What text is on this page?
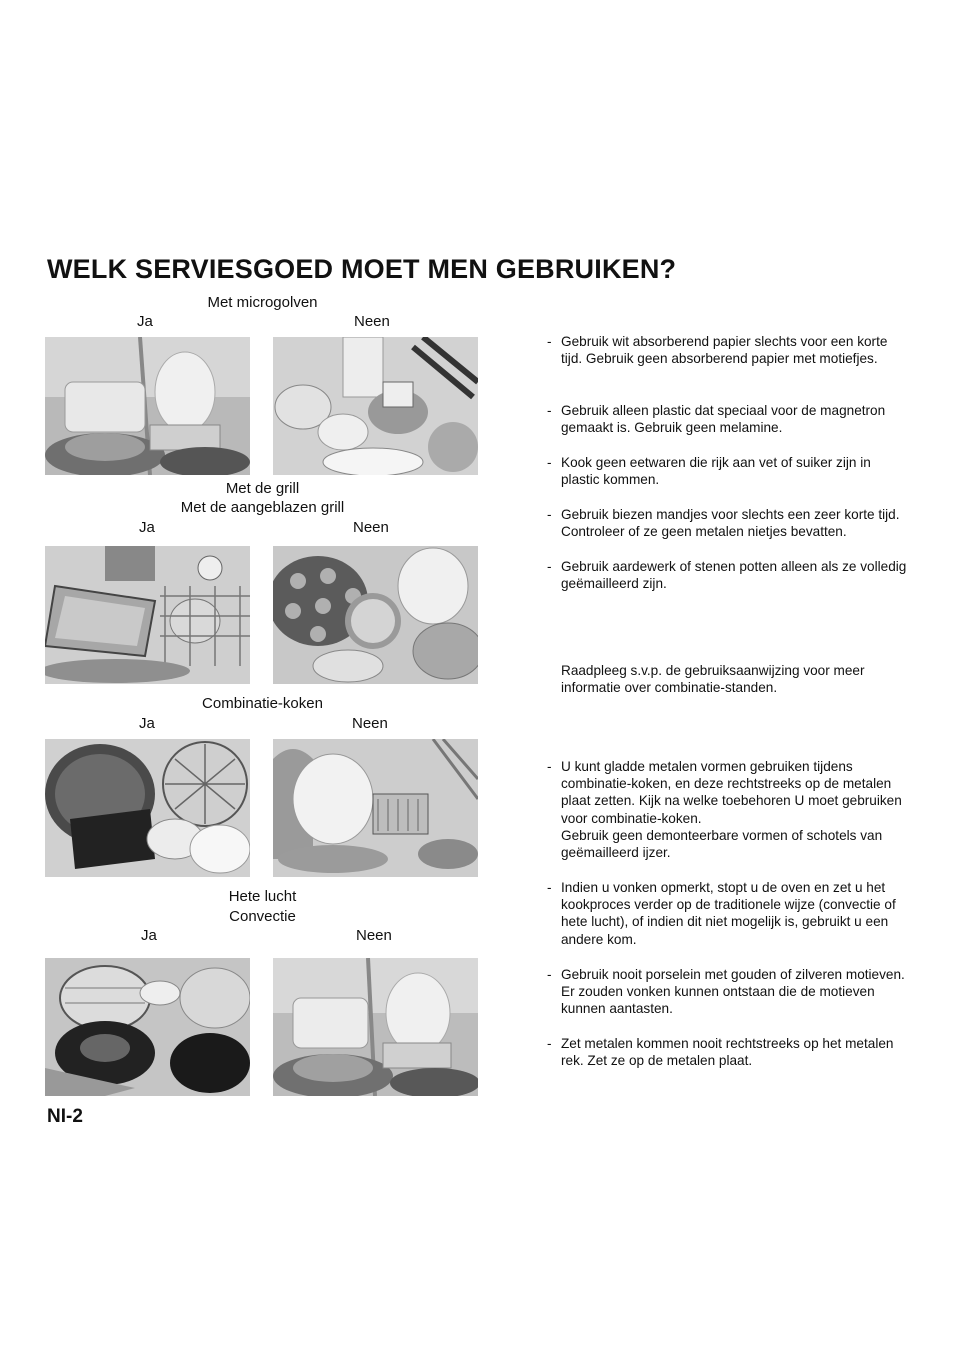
WELK SERVIESGOED MOET MEN GEBRUIKEN?
Met microgolven
Ja	Neen
Met de grill
Met de aangeblazen grill
Ja	Neen
Combinatie-koken
Ja	Neen
Hete lucht
Convectie
Ja	Neen
- Gebruik wit absorberend papier slechts voor een korte tijd. Gebruik geen absorberend papier met motiefjes.
- Gebruik alleen plastic dat speciaal voor de magnetron gemaakt is. Gebruik geen melamine.
- Kook geen eetwaren die rijk aan vet of suiker zijn in plastic kommen.
- Gebruik biezen mandjes voor slechts een zeer korte tijd. Controleer of ze geen metalen nietjes bevatten.
- Gebruik aardewerk of stenen potten alleen als ze volledig geëmailleerd zijn.
Raadpleeg s.v.p. de gebruiksaanwijzing voor meer informatie over combinatie-standen.
- U kunt gladde metalen vormen gebruiken tijdens combinatie-koken, en deze rechtstreeks op de metalen plaat zetten. Kijk na welke toebehoren U moet gebruiken voor combinatie-koken.
Gebruik geen demonteerbare vormen of schotels van geëmailleerd ijzer.
- Indien u vonken opmerkt, stopt u de oven en zet u het kookproces verder op de traditionele wijze (convectie of hete lucht), of indien dit niet mogelijk is, gebruikt u een andere kom.
- Gebruik nooit porselein met gouden of zilveren motieven. Er zouden vonken kunnen ontstaan die de motieven kunnen aantasten.
- Zet metalen kommen nooit rechtstreeks op het metalen rek. Zet ze op de metalen plaat.
NI-2
